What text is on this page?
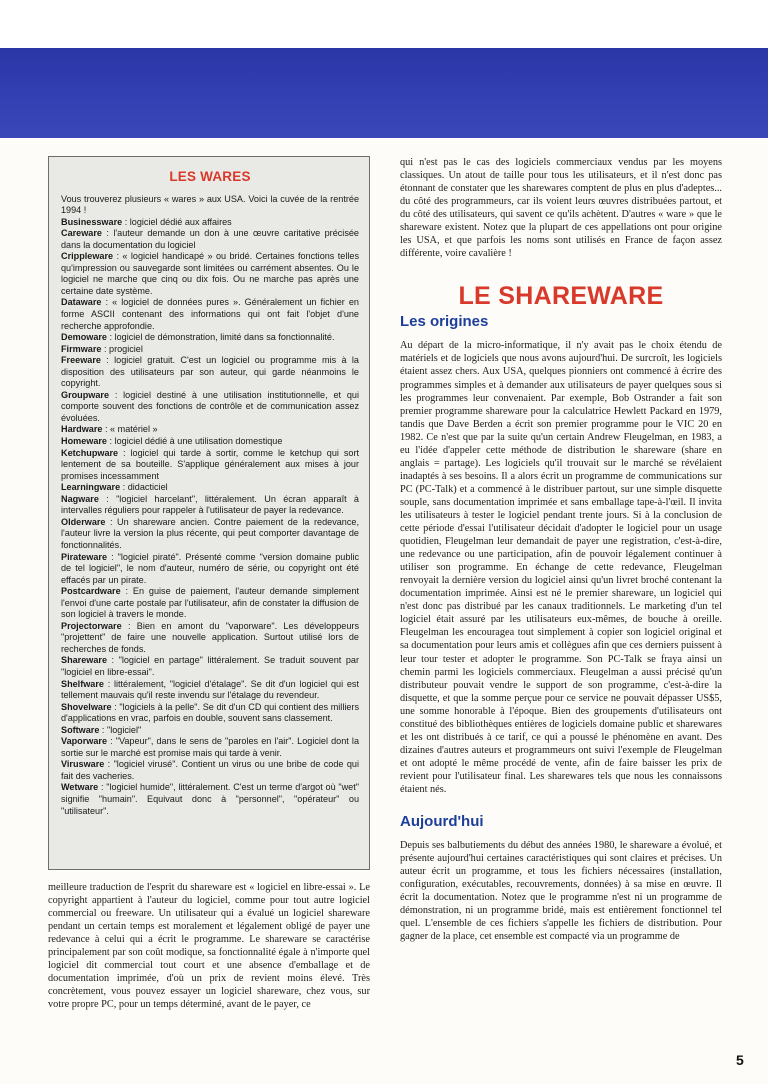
LES WARES

Vous trouverez plusieurs « wares » aux USA. Voici la cuvée de la rentrée 1994 !

Businessware : logiciel dédié aux affaires

Careware : l'auteur demande un don à une œuvre caritative précisée dans la documentation du logiciel

Crippleware : « logiciel handicapé » ou bridé. Certaines fonctions telles qu'impression ou sauvegarde sont limitées ou carrément absentes. Ou le logiciel ne marche que cinq ou dix fois. Ou ne marche pas après une certaine date système.

Dataware : « logiciel de données pures ». Généralement un fichier en forme ASCII contenant des informations qui ont fait l'objet d'une recherche approfondie.

Demoware : logiciel de démonstration, limité dans sa fonctionnalité.

Firmware : progiciel

Freeware : logiciel gratuit. C'est un logiciel ou programme mis à la disposition des utilisateurs par son auteur, qui garde néanmoins le copyright.

Groupware : logiciel destiné à une utilisation institutionnelle, et qui comporte souvent des fonctions de contrôle et de communication assez évoluées.

Hardware : « matériel »

Homeware : logiciel dédié à une utilisation domestique

Ketchupware : logiciel qui tarde à sortir, comme le ketchup qui sort lentement de sa bouteille. S'applique généralement aux mises à jour promises incessamment

Learningware : didacticiel

Nagware : "logiciel harcelant", littéralement. Un écran apparaît à intervalles réguliers pour rappeler à l'utilisateur de payer la redevance.

Olderware : Un shareware ancien. Contre paiement de la redevance, l'auteur livre la version la plus récente, qui peut comporter davantage de fonctionnalités.

Pirateware : "logiciel piraté". Présenté comme "version domaine public de tel logiciel", le nom d'auteur, numéro de série, ou copyright ont été effacés par un pirate.

Postcardware : En guise de paiement, l'auteur demande simplement l'envoi d'une carte postale par l'utilisateur, afin de constater la diffusion de son logiciel à travers le monde.

Projectorware : Bien en amont du "vaporware". Les développeurs "projettent" de faire une nouvelle application. Surtout utilisé lors de recherches de fonds.

Shareware : "logiciel en partage" littéralement. Se traduit souvent par "logiciel en libre-essai".

Shelfware : littéralement, "logiciel d'étalage". Se dit d'un logiciel qui est tellement mauvais qu'il reste invendu sur l'étalage du revendeur.

Shovelware : "logiciels à la pelle". Se dit d'un CD qui contient des milliers d'applications en vrac, parfois en double, souvent sans classement.

Software : "logiciel"

Vaporware : "Vapeur", dans le sens de "paroles en l'air". Logiciel dont la sortie sur le marché est promise mais qui tarde à venir.

Virusware : "logiciel virusé". Contient un virus ou une bribe de code qui fait des vacheries.

Wetware : "logiciel humide", littéralement. C'est un terme d'argot où "wet" signifie "humain". Equivaut donc à "personnel", "opérateur" ou "utilisateur".

meilleure traduction de l'esprit du shareware est « logiciel en libre-essai ». Le copyright appartient à l'auteur du logiciel, comme pour tout autre logiciel commercial ou freeware. Un utilisateur qui a évalué un logiciel shareware pendant un certain temps est moralement et légalement obligé de payer une redevance à celui qui a écrit le programme. Le shareware se caractérise principalement par son coût modique, sa fonctionnalité égale à n'importe quel logiciel dit commercial tout court et une absence d'emballage et de documentation imprimée, d'où un prix de revient moins élevé. Très concrètement, vous pouvez essayer un logiciel shareware, chez vous, sur votre propre PC, pour un temps déterminé, avant de le payer, ce

qui n'est pas le cas des logiciels commerciaux vendus par les moyens classiques. Un atout de taille pour tous les utilisateurs, et il n'est donc pas étonnant de constater que les sharewares comptent de plus en plus d'adeptes... du côté des programmeurs, car ils voient leurs œuvres distribuées partout, et du côté des utilisateurs, qui savent ce qu'ils achètent. D'autres « ware » que le shareware existent. Notez que la plupart de ces appellations ont pour origine les USA, et que parfois les noms sont utilisés en France de façon assez différente, voire cavalière !

LE SHAREWARE
Les origines

Au départ de la micro-informatique, il n'y avait pas le choix étendu de matériels et de logiciels que nous avons aujourd'hui. De surcroît, les logiciels étaient assez chers. Aux USA, quelques pionniers ont commencé à écrire des programmes simples et à demander aux utilisateurs de payer quelques sous si les programmes leur convenaient. Par exemple, Bob Ostrander a fait son premier programme shareware pour la calculatrice Hewlett Packard en 1979, tandis que Dave Berden a écrit son premier programme pour le VIC 20 en 1982. Ce n'est que par la suite qu'un certain Andrew Fleugelman, en 1983, a eu l'idée d'appeler cette méthode de distribution le shareware (share en anglais = partage). Les logiciels qu'il trouvait sur le marché se révélaient inadaptés à ses besoins. Il a alors écrit un programme de communications sur PC (PC-Talk) et a commencé à le distribuer partout, sur une simple disquette souple, sans documentation imprimée et sans emballage tape-à-l'œil. Il invita les utilisateurs à tester le logiciel pendant trente jours. Si à la conclusion de cette période d'essai l'utilisateur décidait d'adopter le logiciel pour un usage quotidien, Fleugelman leur demandait de payer une registration, c'est-à-dire, une redevance ou une participation, afin de pouvoir légalement continuer à utiliser son programme. En échange de cette redevance, Fleugelman renvoyait la dernière version du logiciel ainsi qu'un livret broché contenant la documentation imprimée. Ainsi est né le premier shareware, un logiciel qui n'est donc pas distribué par les canaux traditionnels. Le marketing d'un tel logiciel était assuré par les utilisateurs eux-mêmes, de bouche à oreille. Fleugelman les encouragea tout simplement à copier son logiciel original et sa documentation pour leurs amis et collègues afin que ces derniers puissent à leur tour tester et adopter le programme. Son PC-Talk se fraya ainsi un chemin parmi les logiciels commerciaux. Fleugelman a aussi précisé qu'un distributeur pouvait vendre le support de son programme, c'est-à-dire la disquette, et que la somme perçue pour ce service ne pouvait dépasser US$5, une somme honorable à l'époque. Bien des groupements d'utilisateurs ont constitué des bibliothèques entières de logiciels domaine public et sharewares et les ont distribués à ce tarif, ce qui a poussé le phénomène en avant. Des dizaines d'autres auteurs et programmeurs ont suivi l'exemple de Fleugelman et ont adopté le même procédé de vente, afin de faire baisser les prix de revient pour l'utilisateur final. Les sharewares tels que nous les connaissons étaient nés.

Aujourd'hui

Depuis ses balbutiements du début des années 1980, le shareware a évolué, et présente aujourd'hui certaines caractéristiques qui sont claires et précises. Un auteur écrit un programme, et tous les fichiers nécessaires (installation, configuration, exécutables, recouvrements, données) à sa mise en œuvre. Il écrit la documentation. Notez que le programme n'est ni un programme de démonstration, ni un programme bridé, mais est entièrement fonctionnel tel quel. L'ensemble de ces fichiers s'appelle les fichiers de distribution. Pour gagner de la place, cet ensemble est compacté via un programme de

5
